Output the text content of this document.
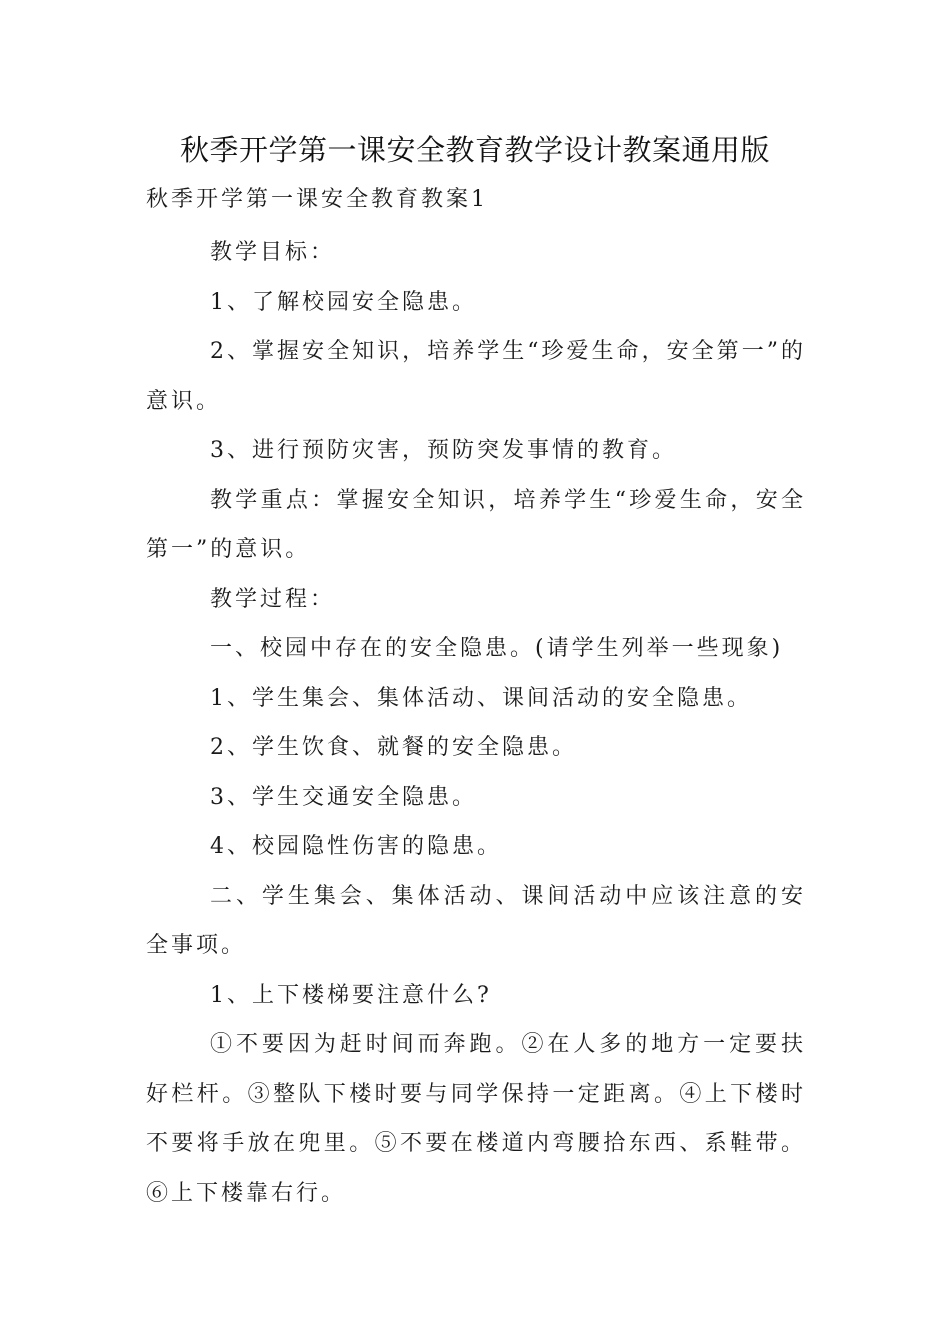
秋季开学第一课安全教育教学设计教案通用版
秋季开学第一课安全教育教案1

教学目标：

1、了解校园安全隐患。

2、掌握安全知识，培养学生“珍爱生命，安全第一”的意识。

3、进行预防灾害，预防突发事情的教育。

教学重点：掌握安全知识，培养学生“珍爱生命，安全第一”的意识。

教学过程：

一、校园中存在的安全隐患。(请学生列举一些现象)

1、学生集会、集体活动、课间活动的安全隐患。

2、学生饮食、就餐的安全隐患。

3、学生交通安全隐患。

4、校园隐性伤害的隐患。

二、学生集会、集体活动、课间活动中应该注意的安全事项。

1、上下楼梯要注意什么?

①不要因为赶时间而奔跑。②在人多的地方一定要扶好栏杆。③整队下楼时要与同学保持一定距离。④上下楼时不要将手放在兜里。⑤不要在楼道内弯腰拾东西、系鞋带。⑥上下楼靠右行。
